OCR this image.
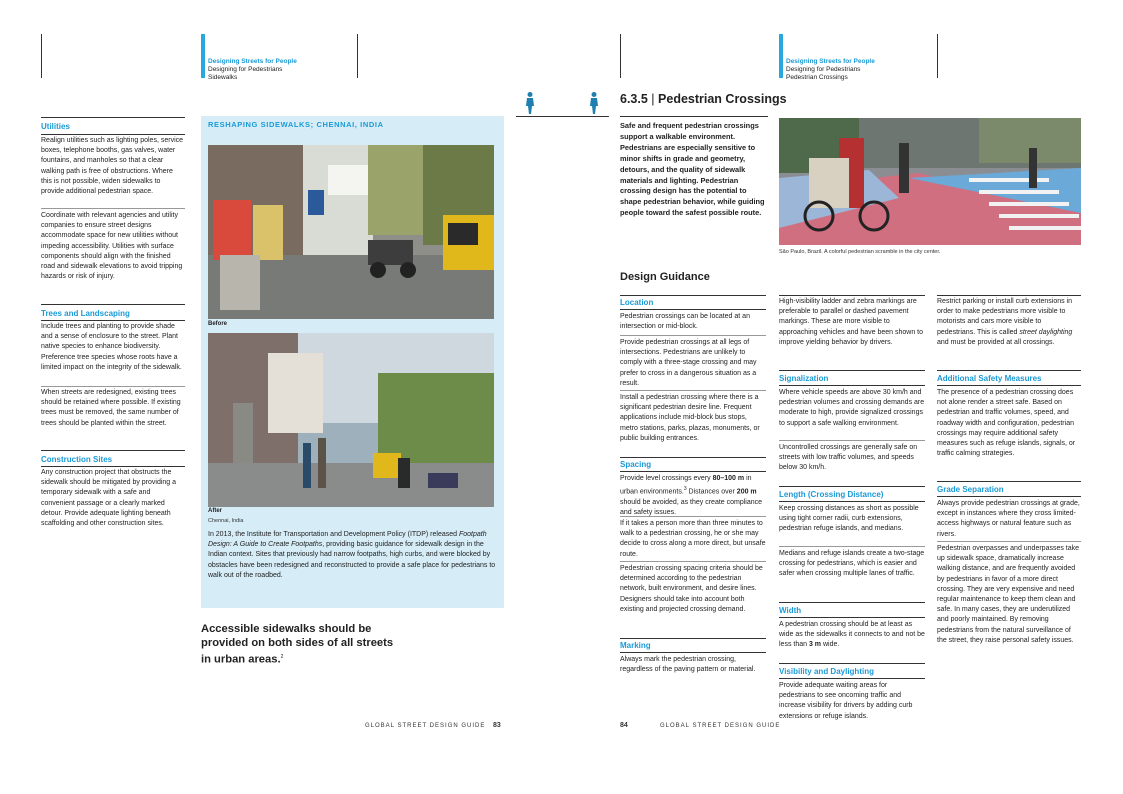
Designing Streets for People
Designing for Pedestrians
Sidewalks
Utilities

Realign utilities such as lighting poles, service boxes, telephone booths, gas valves, water fountains, and manholes so that a clear walking path is free of obstructions. Where this is not possible, widen sidewalks to provide additional pedestrian space.

Coordinate with relevant agencies and utility companies to ensure street designs accommodate space for new utilities without impeding accessibility. Utilities with surface components should align with the finished road and sidewalk elevations to avoid tripping hazards or risk of injury.

Trees and Landscaping

Include trees and planting to provide shade and a sense of enclosure to the street. Plant native species to enhance biodiversity. Preference tree species whose roots have a limited impact on the integrity of the sidewalk.

When streets are redesigned, existing trees should be retained where possible. If existing trees must be removed, the same number of trees should be planted within the street.

Construction Sites

Any construction project that obstructs the sidewalk should be mitigated by providing a temporary sidewalk with a safe and convenient passage or a clearly marked detour. Provide adequate lighting beneath scaffolding and other construction sites.

RESHAPING SIDEWALKS; CHENNAI, INDIA
Before
After
Chennai, India
In 2013, the Institute for Transportation and Development Policy (ITDP) released Footpath Design: A Guide to Create Footpaths, providing basic guidance for sidewalk design in the Indian context. Sites that previously had narrow footpaths, high curbs, and were blocked by obstacles have been redesigned and reconstructed to provide a safe place for pedestrians to walk out of the roadbed.
Accessible sidewalks should be provided on both sides of all streets in urban areas.$^2$
GLOBAL STREET DESIGN GUIDE 83
Designing Streets for People
Designing for Pedestrians
Pedestrian Crossings
6.3.5 | Pedestrian Crossings
Safe and frequent pedestrian crossings support a walkable environment. Pedestrians are especially sensitive to minor shifts in grade and geometry, detours, and the quality of sidewalk materials and lighting. Pedestrian crossing design has the potential to shape pedestrian behavior, while guiding people toward the safest possible route.
São Paulo, Brazil. A colorful pedestrian scramble in the city center.
Design Guidance
Location

Pedestrian crossings can be located at an intersection or mid-block.

Provide pedestrian crossings at all legs of intersections. Pedestrians are unlikely to comply with a three-stage crossing and may prefer to cross in a dangerous situation as a result.

Install a pedestrian crossing where there is a significant pedestrian desire line. Frequent applications include mid-block bus stops, metro stations, parks, plazas, monuments, or public building entrances.

Spacing

Provide level crossings every 80–100 m in urban environments.$^3$ Distances over 200 m should be avoided, as they create compliance and safety issues.

If it takes a person more than three minutes to walk to a pedestrian crossing, he or she may decide to cross along a more direct, but unsafe route.

Pedestrian crossing spacing criteria should be determined according to the pedestrian network, built environment, and desire lines. Designers should take into account both existing and projected crossing demand.

Marking

Always mark the pedestrian crossing, regardless of the paving pattern or material.

High-visibility ladder and zebra markings are preferable to parallel or dashed pavement markings. These are more visible to approaching vehicles and have been shown to improve yielding behavior by drivers.

Signalization

Where vehicle speeds are above 30 km/h and pedestrian volumes and crossing demands are moderate to high, provide signalized crossings to support a safe walking environment.

Uncontrolled crossings are generally safe on streets with low traffic volumes, and speeds below 30 km/h.

Length (Crossing Distance)

Keep crossing distances as short as possible using tight corner radii, curb extensions, pedestrian refuge islands, and medians.

Medians and refuge islands create a two-stage crossing for pedestrians, which is easier and safer when crossing multiple lanes of traffic.

Width

A pedestrian crossing should be at least as wide as the sidewalks it connects to and not be less than 3 m wide.

Visibility and Daylighting

Provide adequate waiting areas for pedestrians to see oncoming traffic and increase visibility for drivers by adding curb extensions or refuge islands.

Restrict parking or install curb extensions in order to make pedestrians more visible to motorists and cars more visible to pedestrians. This is called street daylighting and must be provided at all crossings.

Additional Safety Measures

The presence of a pedestrian crossing does not alone render a street safe. Based on pedestrian and traffic volumes, speed, and roadway width and configuration, pedestrian crossings may require additional safety measures such as refuge islands, signals, or traffic calming strategies.

Grade Separation

Always provide pedestrian crossings at grade, except in instances where they cross limited-access highways or natural feature such as rivers.

Pedestrian overpasses and underpasses take up sidewalk space, dramatically increase walking distance, and are frequently avoided by pedestrians in favor of a more direct crossing. They are very expensive and need regular maintenance to keep them clean and safe. In many cases, they are underutilized and poorly maintained. By removing pedestrians from the natural surveillance of the street, they raise personal safety issues.

84	GLOBAL STREET DESIGN GUIDE
